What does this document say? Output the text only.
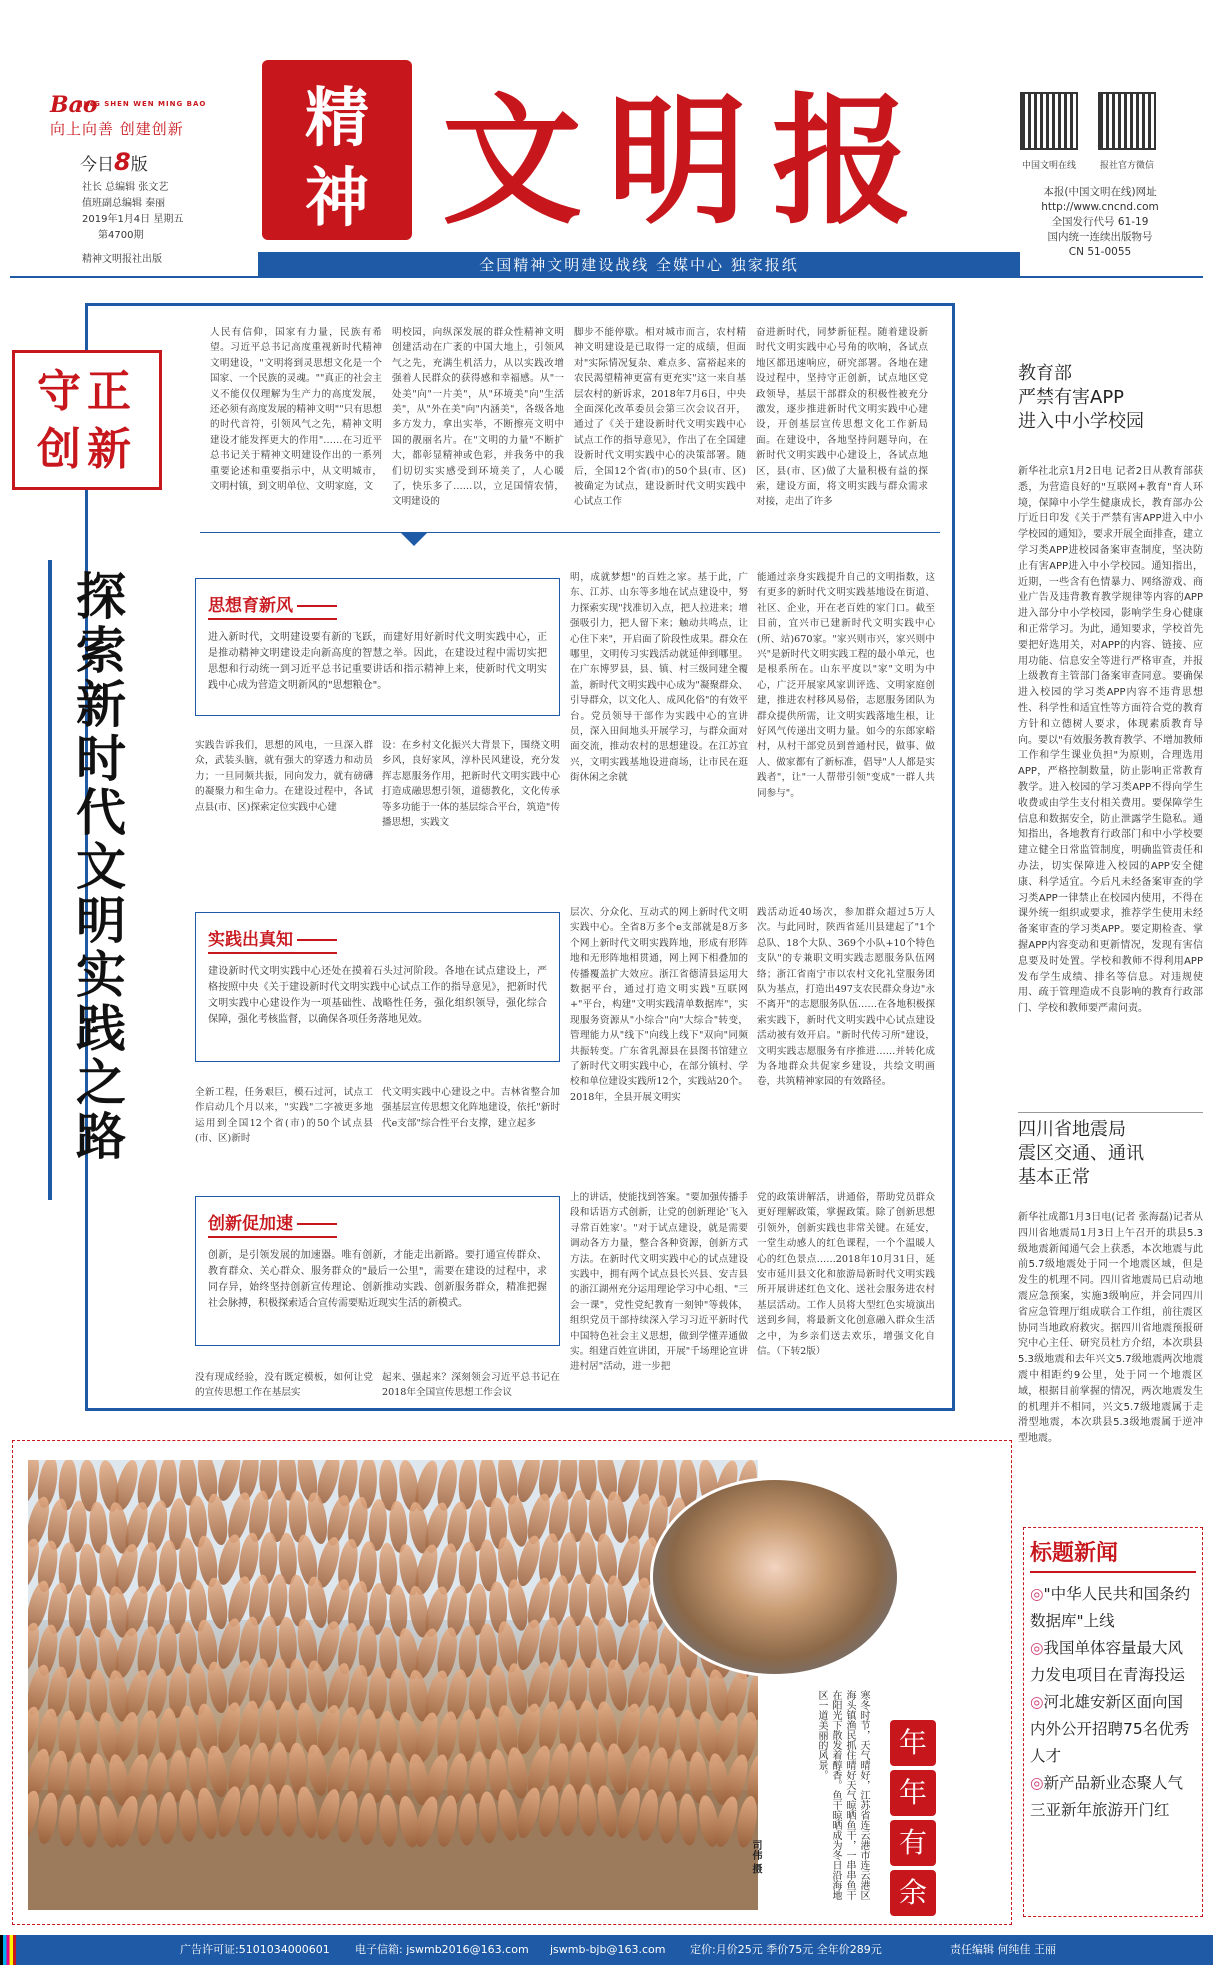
Bao
JING SHEN WEN MING BAO
向上向善 创建创新
今日8版
社长 总编辑 张文艺
值班副总编辑 秦丽
2019年1月4日 星期五
第4700期
精神文明报社出版
精
神 文 明 报
全国精神文明建设战线 全媒中心 独家报纸
中国文明在线	报社官方微信
本报(中国文明在线)网址
http://www.cncnd.com
全国发行代号 61-19
国内统一连续出版物号
CN 51-0055
守正
创新
探索新时代文明实践之路
人民有信仰，国家有力量，民族有希望。习近平总书记高度重视新时代精神文明建设，"文明将到灵思想文化是一个国家、一个民族的灵魂。""真正的社会主义不能仅仅理解为生产力的高度发展，还必须有高度发展的精神文明""只有思想的时代音符，引领风气之先，精神文明建设才能发挥更大的作用"……在习近平总书记关于精神文明建设作出的一系列重要论述和重要指示中，从文明城市，文明村镇，到文明单位、文明家庭，文
明校园，向纵深发展的群众性精神文明创建活动在广袤的中国大地上，引领风气之先，充满生机活力，从以实践改增强着人民群众的获得感和幸福感。从"一处美"向"一片美"，从"环境美"向"生活美"，从"外在美"向"内涵美"，各级各地多方发力，拿出实举，不断擦亮文明中国的靓丽名片。在"文明的力量"不断扩大，都彰显精神或色彩，并我务中的我们切切实实感受到环境美了，人心暖了，快乐多了……以，立足国情农情，文明建设的
脚步不能停歇。相对城市而言，农村精神文明建设是已取得一定的成绩，但面对"实际情况复杂、难点多、富裕起来的农民渴望精神更富有更充实"这一来自基层农村的新诉求，2018年7月6日，中央全面深化改革委员会第三次会议召开，通过了《关于建设新时代文明实践中心试点工作的指导意见》，作出了在全国建设新时代文明实践中心的决策部署。随后，全国12个省(市)的50个县(市、区)被确定为试点，建设新时代文明实践中心试点工作
奋进新时代，同梦新征程。随着建设新时代文明实践中心号角的吹响，各试点地区都迅速响应，研究部署。各地在建设过程中，坚持守正创新，试点地区党政领导，基层干部群众的积极性被充分激发，逐步推进新时代文明实践中心建设，开创基层宣传思想文化工作新局面。在建设中，各地坚持问题导向，在新时代文明实践中心建设上，各试点地区，县(市、区)做了大量积极有益的探索，建设方面，将文明实践与群众需求对接，走出了许多
思想育新风
进入新时代，文明建设要有新的飞跃，而建好用好新时代文明实践中心，正是推动精神文明建设走向新高度的智慧之举。因此，在建设过程中需切实把思想和行动统一到习近平总书记重要讲话和指示精神上来，使新时代文明实践中心成为营造文明新风的"思想粮仓"。
实践告诉我们，思想的风电，一旦深入群众，武装头脑，就有强大的穿透力和动员力；一旦同频共振，同向发力，就有磅礴的凝聚力和生命力。在建设过程中，各试点县(市、区)探索定位实践中心建
设：在乡村文化振兴大背景下，围绕文明乡风，良好家风，淳朴民风建设，充分发挥志愿服务作用，把新时代文明实践中心打造成融思想引领，道德教化，文化传承等多功能于一体的基层综合平台，筑造"传播思想，实践文
明，成就梦想"的百姓之家。基于此，广东、江苏、山东等多地在试点建设中，努力探索实现"找准切入点，把人拉进来；增强吸引力，把人留下来；触动共鸣点，让心住下来"，开启面了阶段性成果。群众在哪里，文明传习实践活动就延伸到哪里。在广东博罗县，县、镇、村三级同建全覆盖，新时代文明实践中心成为"凝聚群众、引导群众，以文化人、成风化俗"的有效平台。党员领导干部作为实践中心的宣讲员，深入田间地头开展学习，与群众面对面交流，推动农村的思想建设。在江苏宜兴，文明实践基地设进商场，让市民在逛街休闲之余就
能通过亲身实践提升自己的文明指数，这有更多的新时代文明实践基地设在街道、社区、企业，开在老百姓的家门口。截至目前，宜兴市已建新时代文明实践中心(所、站)670家。"家兴则市兴，家兴则中兴"是新时代文明实践工程的最小单元，也是根系所在。山东平度以"家"文明为中心，广泛开展家风家训评选、文明家庭创建，推进农村移风易俗，志愿服务团队为群众提供所需，让文明实践落地生根，让好风气传递出文明力量。如今的东郎家峪村，从村干部党员到普通村民，做事、做人、做家都有了新标准，倡导"人人都是实践者"，让"一人帮带引领"变成"一群人共同参与"。
实践出真知
建设新时代文明实践中心还处在摸着石头过河阶段。各地在试点建设上，严格按照中央《关于建设新时代文明实践中心试点工作的指导意见》，把新时代文明实践中心建设作为一项基础性、战略性任务，强化组织领导，强化综合保障，强化考核监督，以确保各项任务落地见效。
全新工程，任务艰巨，模石过河，试点工作启动几个月以来，"实践"二字被更多地运用到全国12个省(市)的50个试点县(市、区)新时
代文明实践中心建设之中。吉林省整合加强基层宣传思想文化阵地建设，依托"新时代e支部"综合性平台支撑，建立起多
层次、分众化、互动式的网上新时代文明实践中心。全省8万多个e支部就是8万多个网上新时代文明实践阵地，形成有形阵地和无形阵地相贯通，网上网下相叠加的传播覆盖扩大效应。浙江省德清县运用大数据平台，通过打造文明实践"互联网+"平台，构建"文明实践清单数据库"，实现服务资源从"小综合"向"大综合"转变，管理能力从"线下"向线上线下"双向"同频共振转变。广东省乳源县在县图书馆建立了新时代文明实践中心，在部分镇村、学校和单位建设实践所12个，实践站20个。2018年，全县开展文明实
践活动近40场次，参加群众超过5万人次。与此同时，陕西省延川县建起了"1个总队、18个大队、369个小队+10个特色支队"的专兼职文明实践志愿服务队伍网络；浙江省南宁市以农村文化礼堂服务团队为基点，打造出497支农民群众身边"永不离开"的志愿服务队伍……在各地积极探索实践下，新时代文明实践中心试点建设活动被有效开启。"新时代传习所"建设，文明实践志愿服务有序推进……并转化成为各地群众共促家乡建设，共绘文明画卷，共筑精神家园的有效路径。
创新促加速
创新，是引领发展的加速器。唯有创新，才能走出新路。要打通宣传群众、教育群众、关心群众、服务群众的"最后一公里"，需要在建设的过程中，求同存异，始终坚持创新宣传理论、创新推动实践、创新服务群众，精准把握社会脉搏，积极探索适合宣传需要贴近现实生活的新模式。
没有现成经验，没有既定模板，如何让党的宣传思想工作在基层实
起来、强起来？深刻领会习近平总书记在2018年全国宣传思想工作会议
上的讲话，使能找到答案。"要加强传播手段和话语方式创新，让党的创新理论'飞入寻常百姓家'。"对于试点建设，就是需要调动各方力量，整合各种资源，创新方式方法。在新时代文明实践中心的试点建设实践中，拥有两个试点县长兴县、安吉县的浙江湖州充分运用理论学习中心组、"三会一课"，党性党纪教育一刻钟"等载体，组织党员干部持续深入学习习近平新时代中国特色社会主义思想，做到学懂弄通做实。组建百姓宣讲团，开展"千场理论宣讲进村居"活动，进一步把
党的政策讲解活，讲通俗，帮助党员群众更好理解政策，掌握政策。除了创新思想引领外，创新实践也非常关键。在延安，一堂生动感人的红色课程，一个个温暖人心的红色景点……2018年10月31日，延安市延川县文化和旅游局新时代文明实践所开展讲述红色文化、送社会服务进农村基层活动。工作人员将大型红色实境演出送到乡间，将最新文化创意融入群众生活之中，为乡亲们送去欢乐，增强文化自信。（下转2版）
教育部
严禁有害APP
进入中小学校园
新华社北京1月2日电 记者2日从教育部获悉，为营造良好的"互联网+教育"育人环境，保障中小学生健康成长，教育部办公厅近日印发《关于严禁有害APP进入中小学校园的通知》，要求开展全面排查，建立学习类APP进校园备案审查制度，坚决防止有害APP进入中小学校园。通知指出，近期，一些含有色情暴力、网络游戏、商业广告及违背教育教学规律等内容的APP进入部分中小学校园，影响学生身心健康和正常学习。为此，通知要求，学校首先要把好选用关，对APP的内容、链接、应用功能、信息安全等进行严格审查，并报上级教育主管部门备案审查同意。要确保进入校园的学习类APP内容不违背思想性、科学性和适宜性等方面符合党的教育方针和立德树人要求，体现素质教育导向。要以"有效服务教育教学、不增加教师工作和学生课业负担"为原则，合理选用APP，严格控制数量，防止影响正常教育教学。进入校园的学习类APP不得向学生收费或由学生支付相关费用。要保障学生信息和数据安全，防止泄露学生隐私。通知指出，各地教育行政部门和中小学校要建立健全日常监管制度，明确监管责任和办法，切实保障进入校园的APP安全健康、科学适宜。今后凡未经备案审查的学习类APP一律禁止在校园内使用，不得在课外统一组织或要求，推荐学生使用未经备案审查的学习类APP。要定期检查、掌握APP内容变动和更新情况，发现有害信息要及时处置。学校和教师不得利用APP发布学生成绩、排名等信息。对违规使用、疏于管理造成不良影响的教育行政部门、学校和教师要严肃问责。
四川省地震局
震区交通、通讯
基本正常
新华社成都1月3日电(记者 张海磊)记者从四川省地震局1月3日上午召开的珙县5.3级地震新闻通气会上获悉，本次地震与此前5.7级地震处于同一个地震区域，但是发生的机理不同。四川省地震局已启动地震应急预案，实施3级响应，并会同四川省应急管理厅组成联合工作组，前往震区协同当地政府救灾。据四川省地震预报研究中心主任、研究员杜方介绍，本次珙县5.3级地震和去年兴文5.7级地震两次地震震中相距约9公里，处于同一个地震区域，根据目前掌握的情况，两次地震发生的机理并不相同，兴文5.7级地震属于走滑型地震，本次珙县5.3级地震属于逆冲型地震。
标题新闻
◎"中华人民共和国条约数据库"上线
◎我国单体容量最大风力发电项目在青海投运
◎河北雄安新区面向国内外公开招聘75名优秀人才
◎新产品新业态聚人气 三亚新年旅游开门红
年
年
有
余
寒冬时节，天气晴好，江苏省连云港市连云港区海头镇渔民抓住晴好天气晾晒鱼干，一串串鱼干在阳光下散发着醇香。鱼干晾晒成为冬日沿海地区一道美丽的风景。
司伟 摄
广告许可证:5101034000601 电子信箱: jswmb2016@163.com jswmb-bjb@163.com 定价:月价25元 季价75元 全年价289元	责任编辑 何纯佳 王丽
